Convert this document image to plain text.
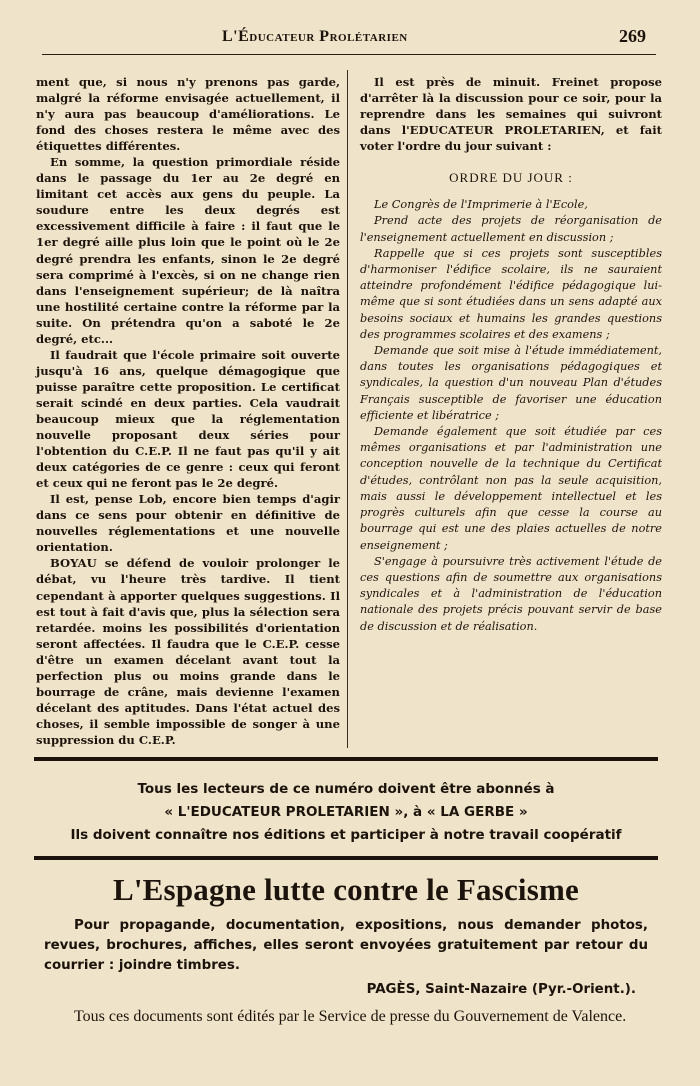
L'Éducateur Prolétarien	269

ment que, si nous n'y prenons pas garde, malgré la réforme envisagée actuellement, il n'y aura pas beaucoup d'améliorations. Le fond des choses restera le même avec des étiquettes différentes.

En somme, la question primordiale réside dans le passage du 1er au 2e degré en limitant cet accès aux gens du peuple. La soudure entre les deux degrés est excessivement difficile à faire : il faut que le 1er degré aille plus loin que le point où le 2e degré prendra les enfants, sinon le 2e degré sera comprimé à l'excès, si on ne change rien dans l'enseignement supérieur; de là naîtra une hostilité certaine contre la réforme par la suite. On prétendra qu'on a saboté le 2e degré, etc...

Il faudrait que l'école primaire soit ouverte jusqu'à 16 ans, quelque démagogique que puisse paraître cette proposition. Le certificat serait scindé en deux parties. Cela vaudrait beaucoup mieux que la réglementation nouvelle proposant deux séries pour l'obtention du C.E.P. Il ne faut pas qu'il y ait deux catégories de ce genre : ceux qui feront et ceux qui ne feront pas le 2e degré.

Il est, pense Lob, encore bien temps d'agir dans ce sens pour obtenir en définitive de nouvelles réglementations et une nouvelle orientation.

BOYAU se défend de vouloir prolonger le débat, vu l'heure très tardive. Il tient cependant à apporter quelques suggestions. Il est tout à fait d'avis que, plus la sélection sera retardée. moins les possibilités d'orientation seront affectées. Il faudra que le C.E.P. cesse d'être un examen décelant avant tout la perfection plus ou moins grande dans le bourrage de crâne, mais devienne l'examen décelant des aptitudes. Dans l'état actuel des choses, il semble impossible de songer à une suppression du C.E.P.

Il est près de minuit. Freinet propose d'arrêter là la discussion pour ce soir, pour la reprendre dans les semaines qui suivront dans l'EDUCATEUR PROLETARIEN, et fait voter l'ordre du jour suivant :

ORDRE DU JOUR :

Le Congrès de l'Imprimerie à l'Ecole,

Prend acte des projets de réorganisation de l'enseignement actuellement en discussion ;

Rappelle que si ces projets sont susceptibles d'harmoniser l'édifice scolaire, ils ne sauraient atteindre profondément l'édifice pédagogique lui-même que si sont étudiées dans un sens adapté aux besoins sociaux et humains les grandes questions des programmes scolaires et des examens ;

Demande que soit mise à l'étude immédiatement, dans toutes les organisations pédagogiques et syndicales, la question d'un nouveau Plan d'études Français susceptible de favoriser une éducation efficiente et libératrice ;

Demande également que soit étudiée par ces mêmes organisations et par l'administration une conception nouvelle de la technique du Certificat d'études, contrôlant non pas la seule acquisition, mais aussi le développement intellectuel et les progrès culturels afin que cesse la course au bourrage qui est une des plaies actuelles de notre enseignement ;

S'engage à poursuivre très activement l'étude de ces questions afin de soumettre aux organisations syndicales et à l'administration de l'éducation nationale des projets précis pouvant servir de base de discussion et de réalisation.

Tous les lecteurs de ce numéro doivent être abonnés à
« L'EDUCATEUR PROLETARIEN », à « LA GERBE »
Ils doivent connaître nos éditions et participer à notre travail coopératif
L'Espagne lutte contre le Fascisme

Pour propagande, documentation, expositions, nous demander photos, revues, brochures, affiches, elles seront envoyées gratuitement par retour du courrier : joindre timbres.

PAGÈS, Saint-Nazaire (Pyr.-Orient.).

Tous ces documents sont édités par le Service de presse du Gouvernement de Valence.
